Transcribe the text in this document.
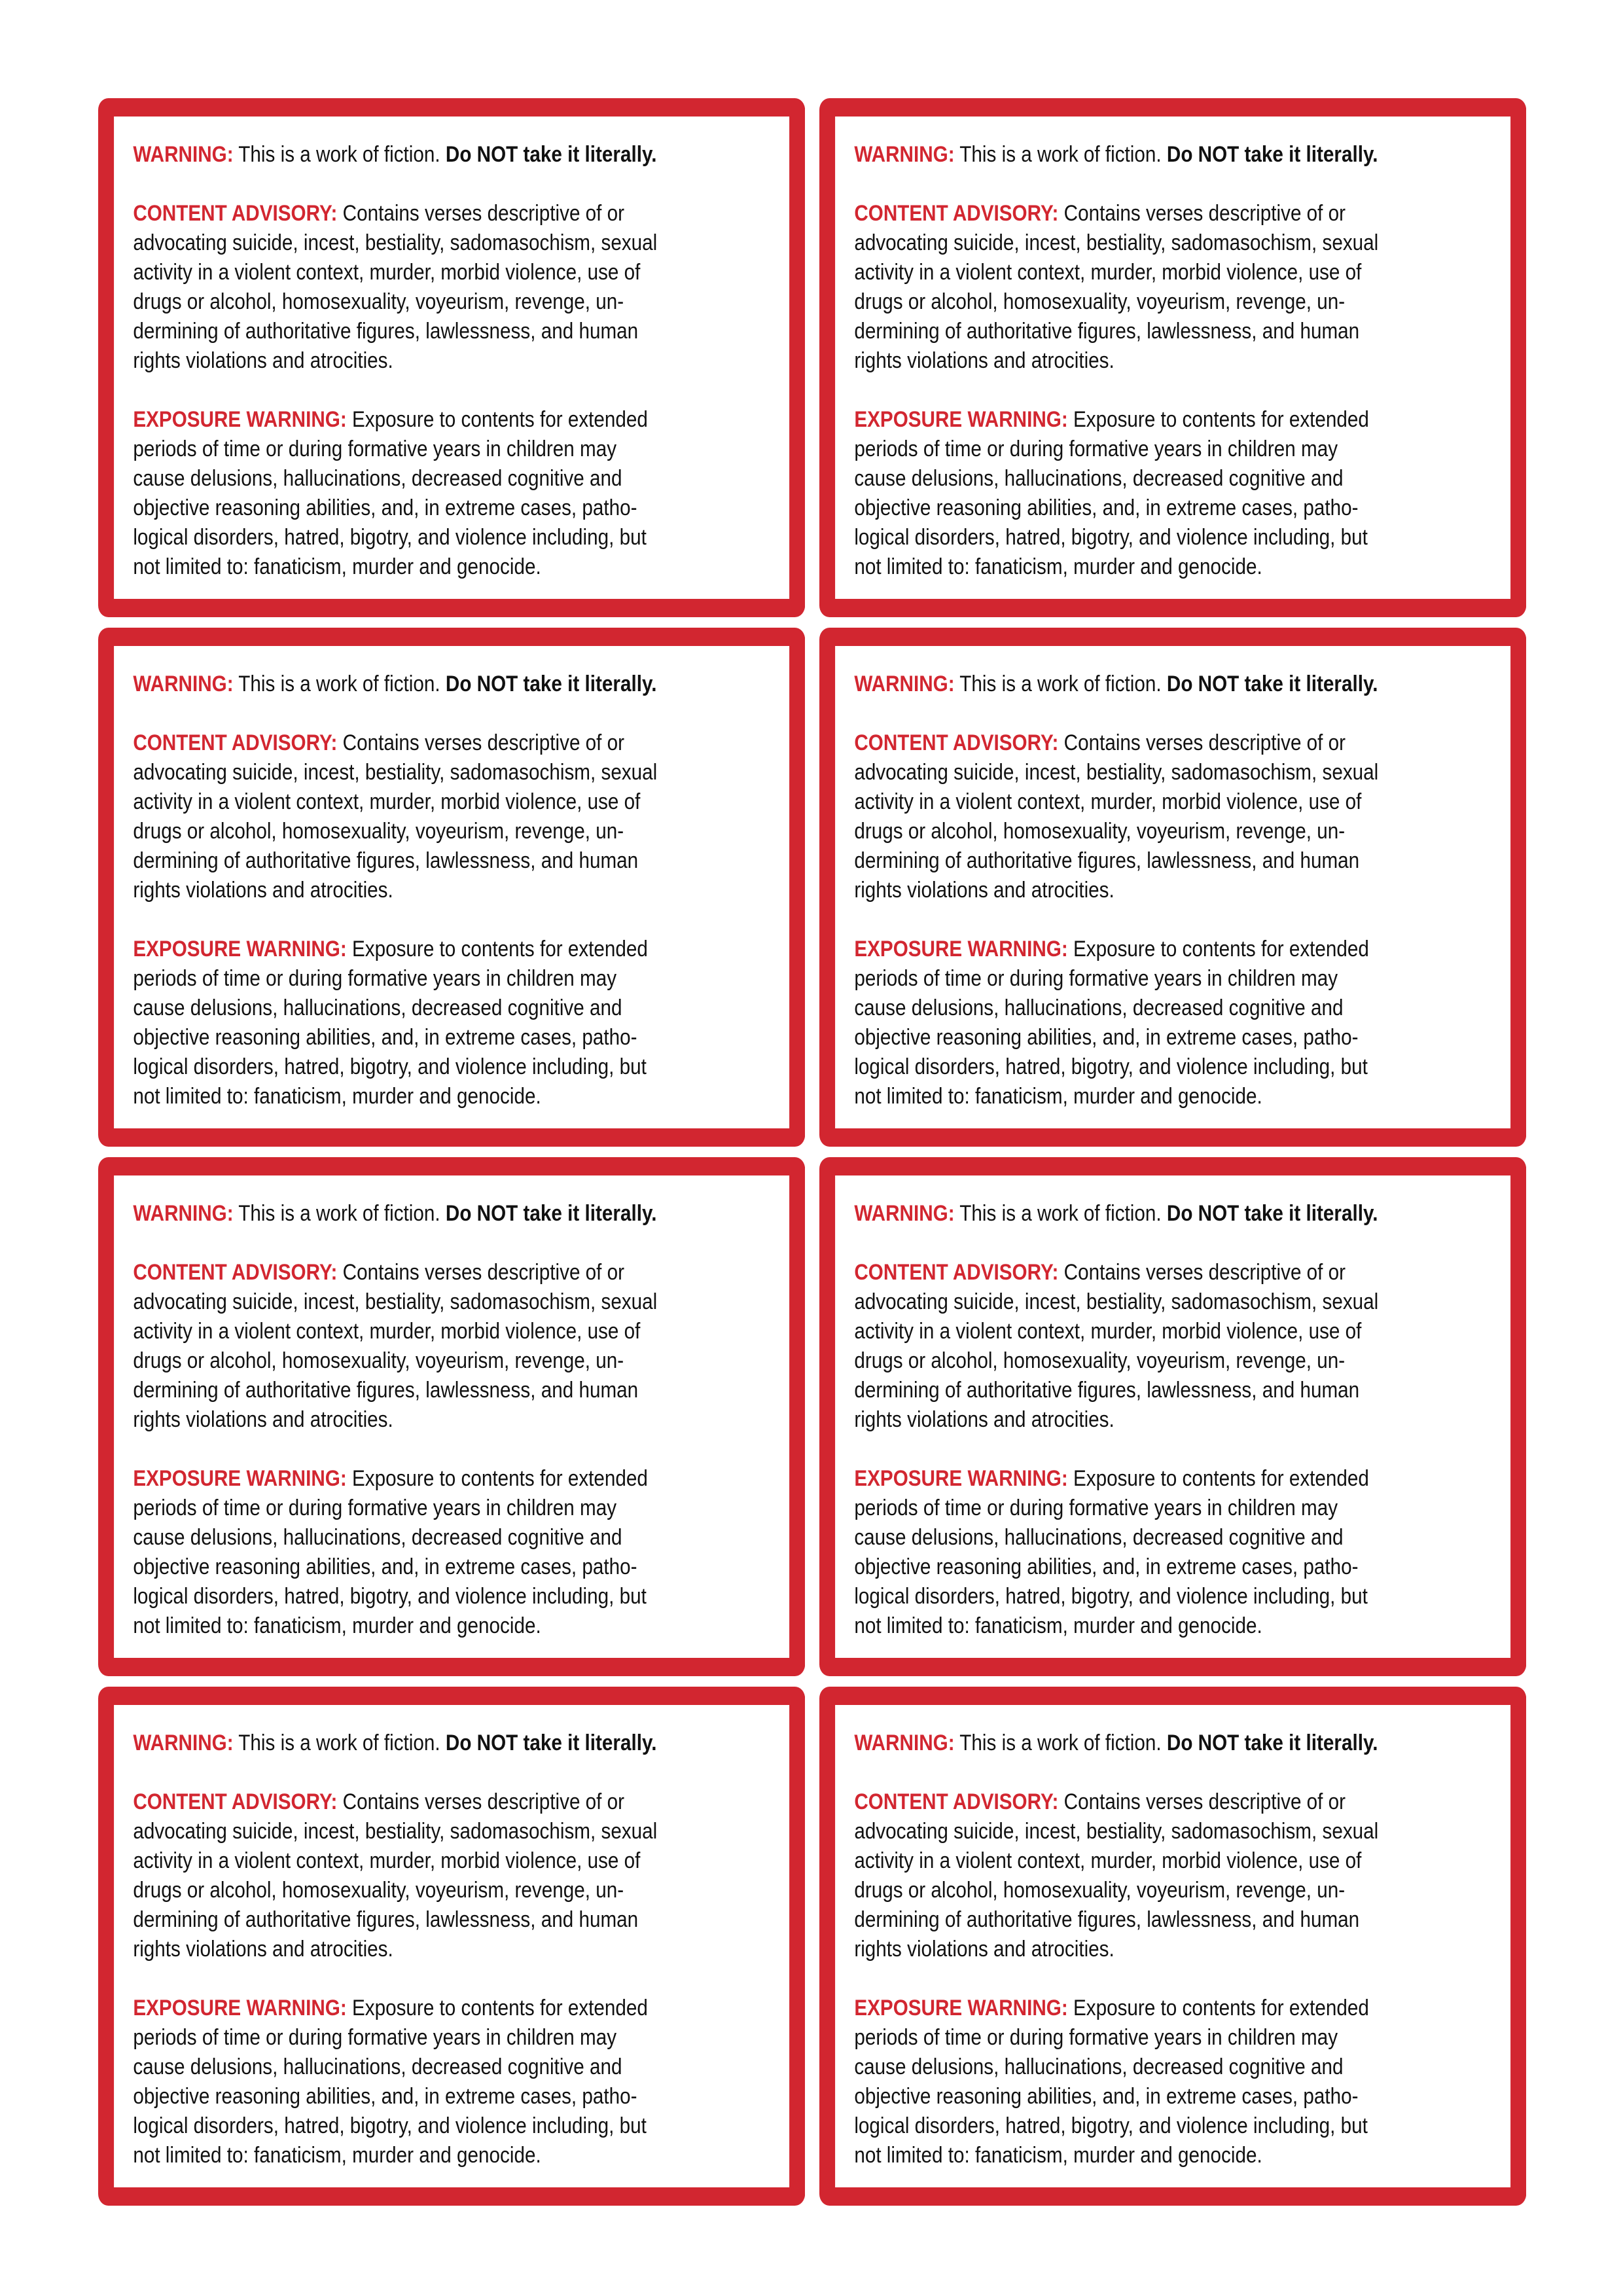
WARNING: This is a work of fiction. Do NOT take it literally.

CONTENT ADVISORY: Contains verses descriptive of or
advocating suicide, incest, bestiality, sadomasochism, sexual
activity in a violent context, murder, morbid violence, use of
drugs or alcohol, homosexuality, voyeurism, revenge, un-
dermining of authoritative figures, lawlessness, and human
rights violations and atrocities.

EXPOSURE WARNING: Exposure to contents for extended
periods of time or during formative years in children may
cause delusions, hallucinations, decreased cognitive and
objective reasoning abilities, and, in extreme cases, patho-
logical disorders, hatred, bigotry, and violence including, but
not limited to: fanaticism, murder and genocide.

WARNING: This is a work of fiction. Do NOT take it literally.

CONTENT ADVISORY: Contains verses descriptive of or
advocating suicide, incest, bestiality, sadomasochism, sexual
activity in a violent context, murder, morbid violence, use of
drugs or alcohol, homosexuality, voyeurism, revenge, un-
dermining of authoritative figures, lawlessness, and human
rights violations and atrocities.

EXPOSURE WARNING: Exposure to contents for extended
periods of time or during formative years in children may
cause delusions, hallucinations, decreased cognitive and
objective reasoning abilities, and, in extreme cases, patho-
logical disorders, hatred, bigotry, and violence including, but
not limited to: fanaticism, murder and genocide.

WARNING: This is a work of fiction. Do NOT take it literally.

CONTENT ADVISORY: Contains verses descriptive of or
advocating suicide, incest, bestiality, sadomasochism, sexual
activity in a violent context, murder, morbid violence, use of
drugs or alcohol, homosexuality, voyeurism, revenge, un-
dermining of authoritative figures, lawlessness, and human
rights violations and atrocities.

EXPOSURE WARNING: Exposure to contents for extended
periods of time or during formative years in children may
cause delusions, hallucinations, decreased cognitive and
objective reasoning abilities, and, in extreme cases, patho-
logical disorders, hatred, bigotry, and violence including, but
not limited to: fanaticism, murder and genocide.

WARNING: This is a work of fiction. Do NOT take it literally.

CONTENT ADVISORY: Contains verses descriptive of or
advocating suicide, incest, bestiality, sadomasochism, sexual
activity in a violent context, murder, morbid violence, use of
drugs or alcohol, homosexuality, voyeurism, revenge, un-
dermining of authoritative figures, lawlessness, and human
rights violations and atrocities.

EXPOSURE WARNING: Exposure to contents for extended
periods of time or during formative years in children may
cause delusions, hallucinations, decreased cognitive and
objective reasoning abilities, and, in extreme cases, patho-
logical disorders, hatred, bigotry, and violence including, but
not limited to: fanaticism, murder and genocide.

WARNING: This is a work of fiction. Do NOT take it literally.

CONTENT ADVISORY: Contains verses descriptive of or
advocating suicide, incest, bestiality, sadomasochism, sexual
activity in a violent context, murder, morbid violence, use of
drugs or alcohol, homosexuality, voyeurism, revenge, un-
dermining of authoritative figures, lawlessness, and human
rights violations and atrocities.

EXPOSURE WARNING: Exposure to contents for extended
periods of time or during formative years in children may
cause delusions, hallucinations, decreased cognitive and
objective reasoning abilities, and, in extreme cases, patho-
logical disorders, hatred, bigotry, and violence including, but
not limited to: fanaticism, murder and genocide.

WARNING: This is a work of fiction. Do NOT take it literally.

CONTENT ADVISORY: Contains verses descriptive of or
advocating suicide, incest, bestiality, sadomasochism, sexual
activity in a violent context, murder, morbid violence, use of
drugs or alcohol, homosexuality, voyeurism, revenge, un-
dermining of authoritative figures, lawlessness, and human
rights violations and atrocities.

EXPOSURE WARNING: Exposure to contents for extended
periods of time or during formative years in children may
cause delusions, hallucinations, decreased cognitive and
objective reasoning abilities, and, in extreme cases, patho-
logical disorders, hatred, bigotry, and violence including, but
not limited to: fanaticism, murder and genocide.

WARNING: This is a work of fiction. Do NOT take it literally.

CONTENT ADVISORY: Contains verses descriptive of or
advocating suicide, incest, bestiality, sadomasochism, sexual
activity in a violent context, murder, morbid violence, use of
drugs or alcohol, homosexuality, voyeurism, revenge, un-
dermining of authoritative figures, lawlessness, and human
rights violations and atrocities.

EXPOSURE WARNING: Exposure to contents for extended
periods of time or during formative years in children may
cause delusions, hallucinations, decreased cognitive and
objective reasoning abilities, and, in extreme cases, patho-
logical disorders, hatred, bigotry, and violence including, but
not limited to: fanaticism, murder and genocide.

WARNING: This is a work of fiction. Do NOT take it literally.

CONTENT ADVISORY: Contains verses descriptive of or
advocating suicide, incest, bestiality, sadomasochism, sexual
activity in a violent context, murder, morbid violence, use of
drugs or alcohol, homosexuality, voyeurism, revenge, un-
dermining of authoritative figures, lawlessness, and human
rights violations and atrocities.

EXPOSURE WARNING: Exposure to contents for extended
periods of time or during formative years in children may
cause delusions, hallucinations, decreased cognitive and
objective reasoning abilities, and, in extreme cases, patho-
logical disorders, hatred, bigotry, and violence including, but
not limited to: fanaticism, murder and genocide.
